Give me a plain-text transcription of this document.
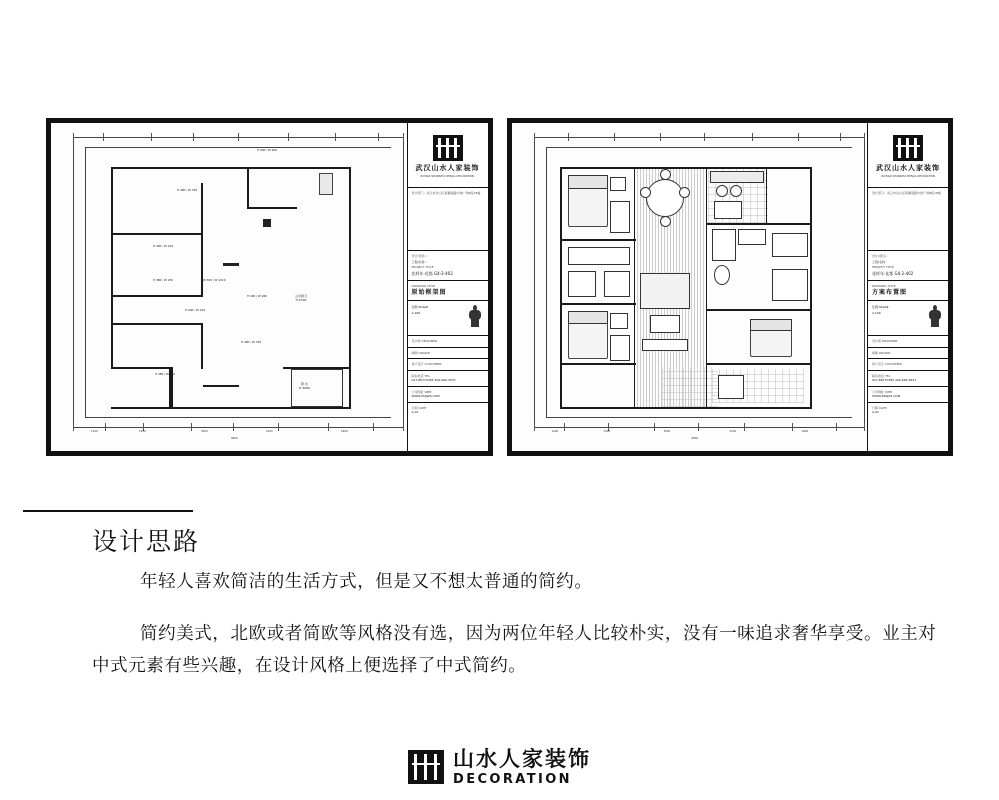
1200	1500	3500	2100	1600
9800
H 480 / W 730
H 200 / W 200
H 300 / W 210
H 380 / W 230	W 300 / W 1210
H 400 / W 260
H 200 / W 210
H 480 / W 730
H 480 / W 730
山水厨卫
H 2700
阳 台
H 3000
武汉山水人家装饰
WUHAN SHANSHUI RENJIA DECORATION
设计部门：武汉市洪山区珞狮南路中建广场B座18楼
设计(项目) :
工程(名称 :
PROJECT TITLE
花样年·花都 G4-2-402
DRAWING TITLE
原始框架图
比例 SCALE
1:100
设计师 DESIGNER
制图 DRAWN
客户签字 CUSTOMER
联系电话 TEL
027-88770365 400-666-3637
公司网址 WEB
WWW.SSRJZS.COM
日期 DATE
A-01
1200	1500	3500	2100	1600
9800
武汉山水人家装饰
WUHAN SHANSHUI RENJIA DECORATION
设计部门：武汉市洪山区珞狮南路中建广场B座18楼
设计(项目) :
工程(名称 :
PROJECT TITLE
花样年·花都 G4-2-402
DRAWING TITLE
方案布置图
比例 SCALE
1:100
设计师 DESIGNER
制图 DRAWN
客户签字 CUSTOMER
联系电话 TEL
027-88770365 400-666-3637
公司网址 WEB
WWW.SSRJZS.COM
日期 DATE
A-02
设计思路
年轻人喜欢简洁的生活方式，但是又不想太普通的简约。
简约美式，北欧或者简欧等风格没有选，因为两位年轻人比较朴实，没有一味追求奢华享受。业主对中式元素有些兴趣，在设计风格上便选择了中式简约。
山水人家装饰
DECORATION
